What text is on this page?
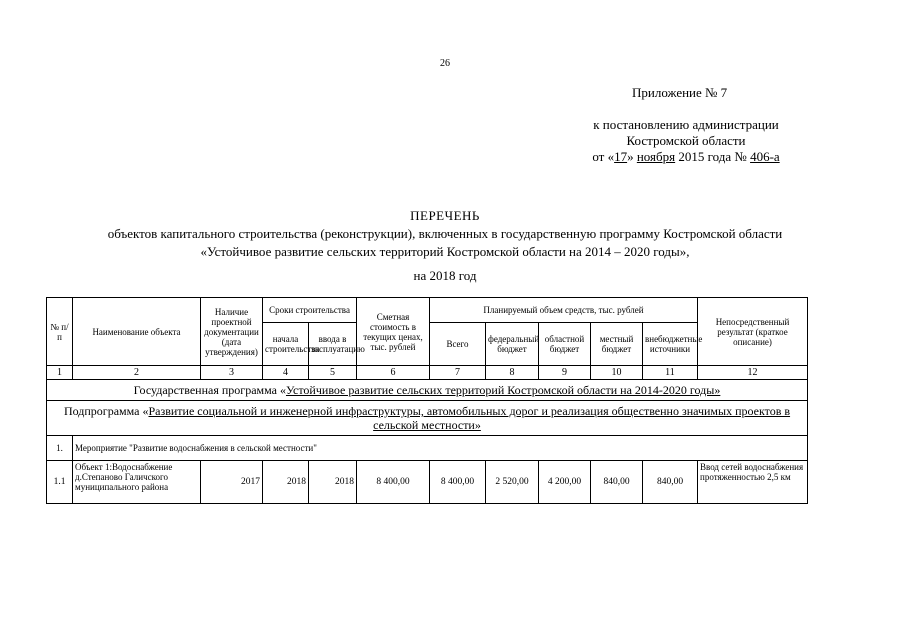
26
Приложение № 7
к постановлению администрации
Костромской области
от «17» ноября 2015 года № 406-а
ПЕРЕЧЕНЬ
объектов капитального строительства (реконструкции), включенных в государственную программу Костромской области
«Устойчивое развитие сельских территорий Костромской области на 2014 – 2020 годы»,
на 2018 год
№ п/п	Наименование объекта	Наличие проектной документации (дата утверждения)	Сроки строительства		Сметная стоимость в текущих ценах, тыс. рублей	Планируемый объем средств, тыс. рублей					Непосредственный результат (краткое описание)
			начала строительства	ввода в эксплуатацию		Всего	федеральный бюджет	областной бюджет	местный бюджет	внебюджетные источники	
1	2	3	4	5	6	7	8	9	10	11	12
Государственная программа «Устойчивое развитие сельских территорий Костромской области на 2014-2020 годы»											
Подпрограмма «Развитие социальной и инженерной инфраструктуры, автомобильных дорог и реализация общественно значимых проектов в сельской местности»											
1.	Мероприятие "Развитие водоснабжения в сельской местности"										
1.1	Объект 1:Водоснабжение д.Степаново Галичского муниципального района	2017	2018	2018	8 400,00	8 400,00	2 520,00	4 200,00	840,00	840,00	Ввод сетей водоснабжения протяженностью 2,5 км
